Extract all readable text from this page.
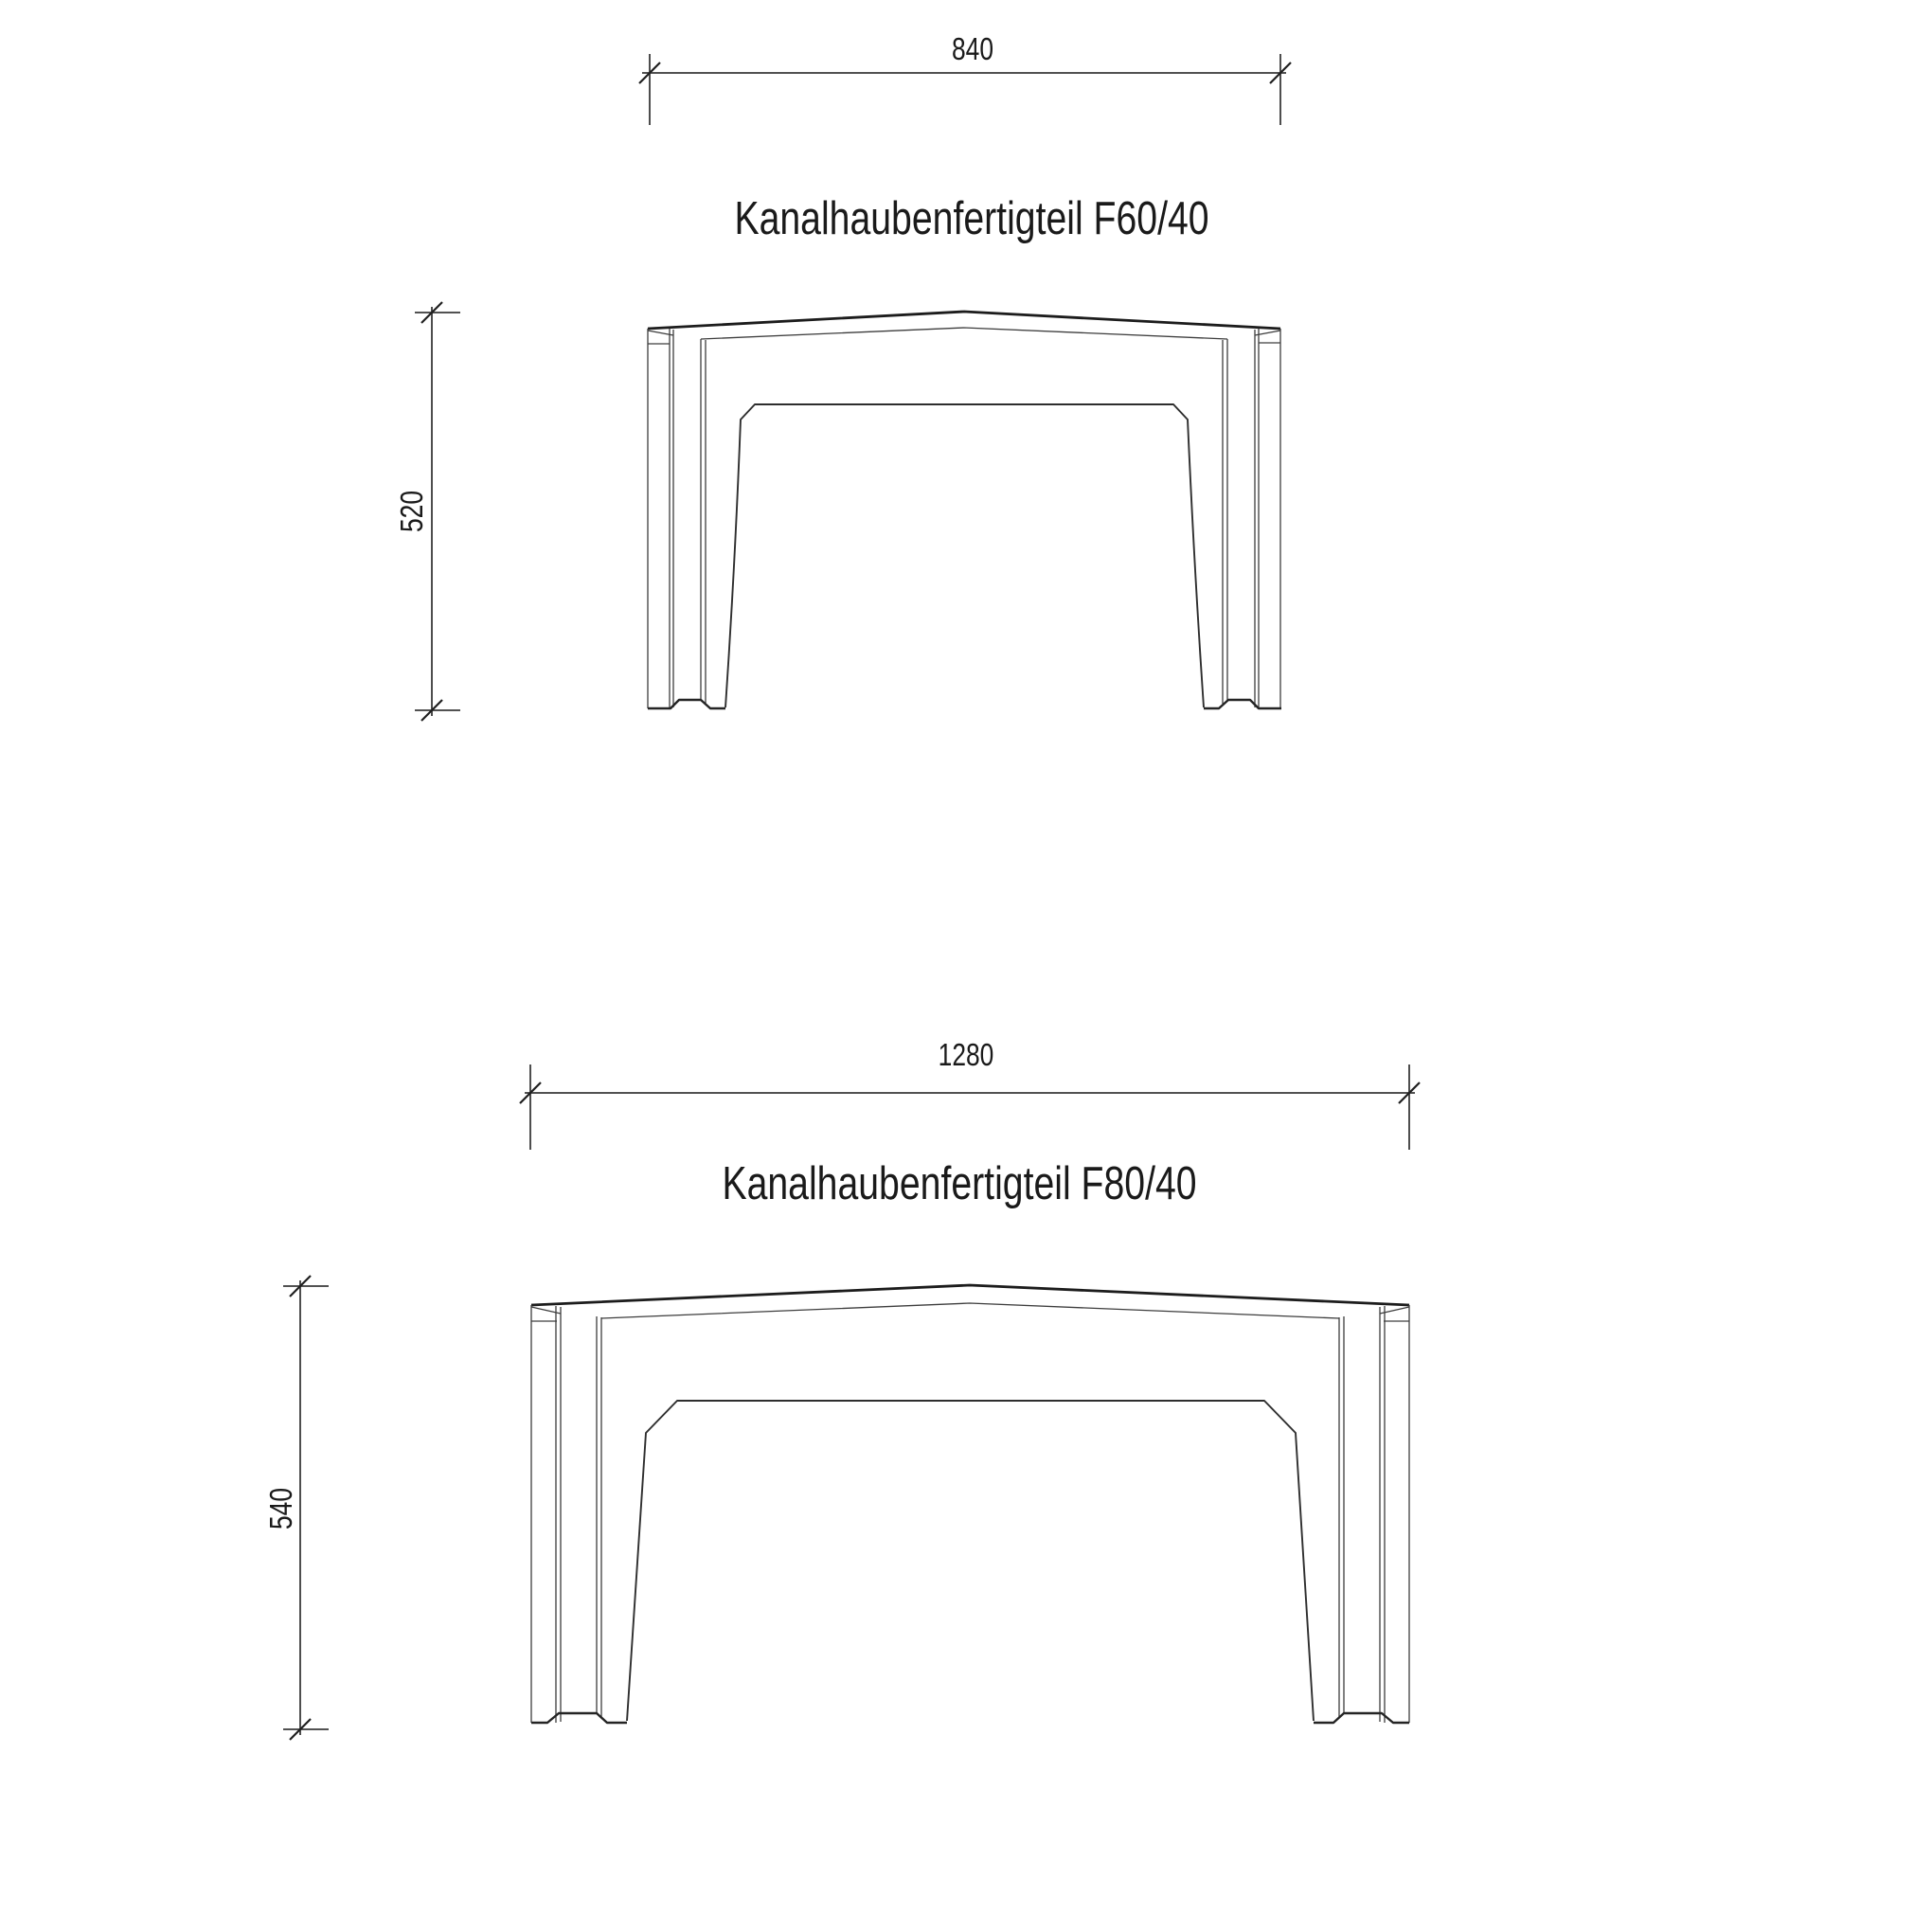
Kanalhaubenfertigteil F60/40
840
520
Kanalhaubenfertigteil F80/40
1280
540
